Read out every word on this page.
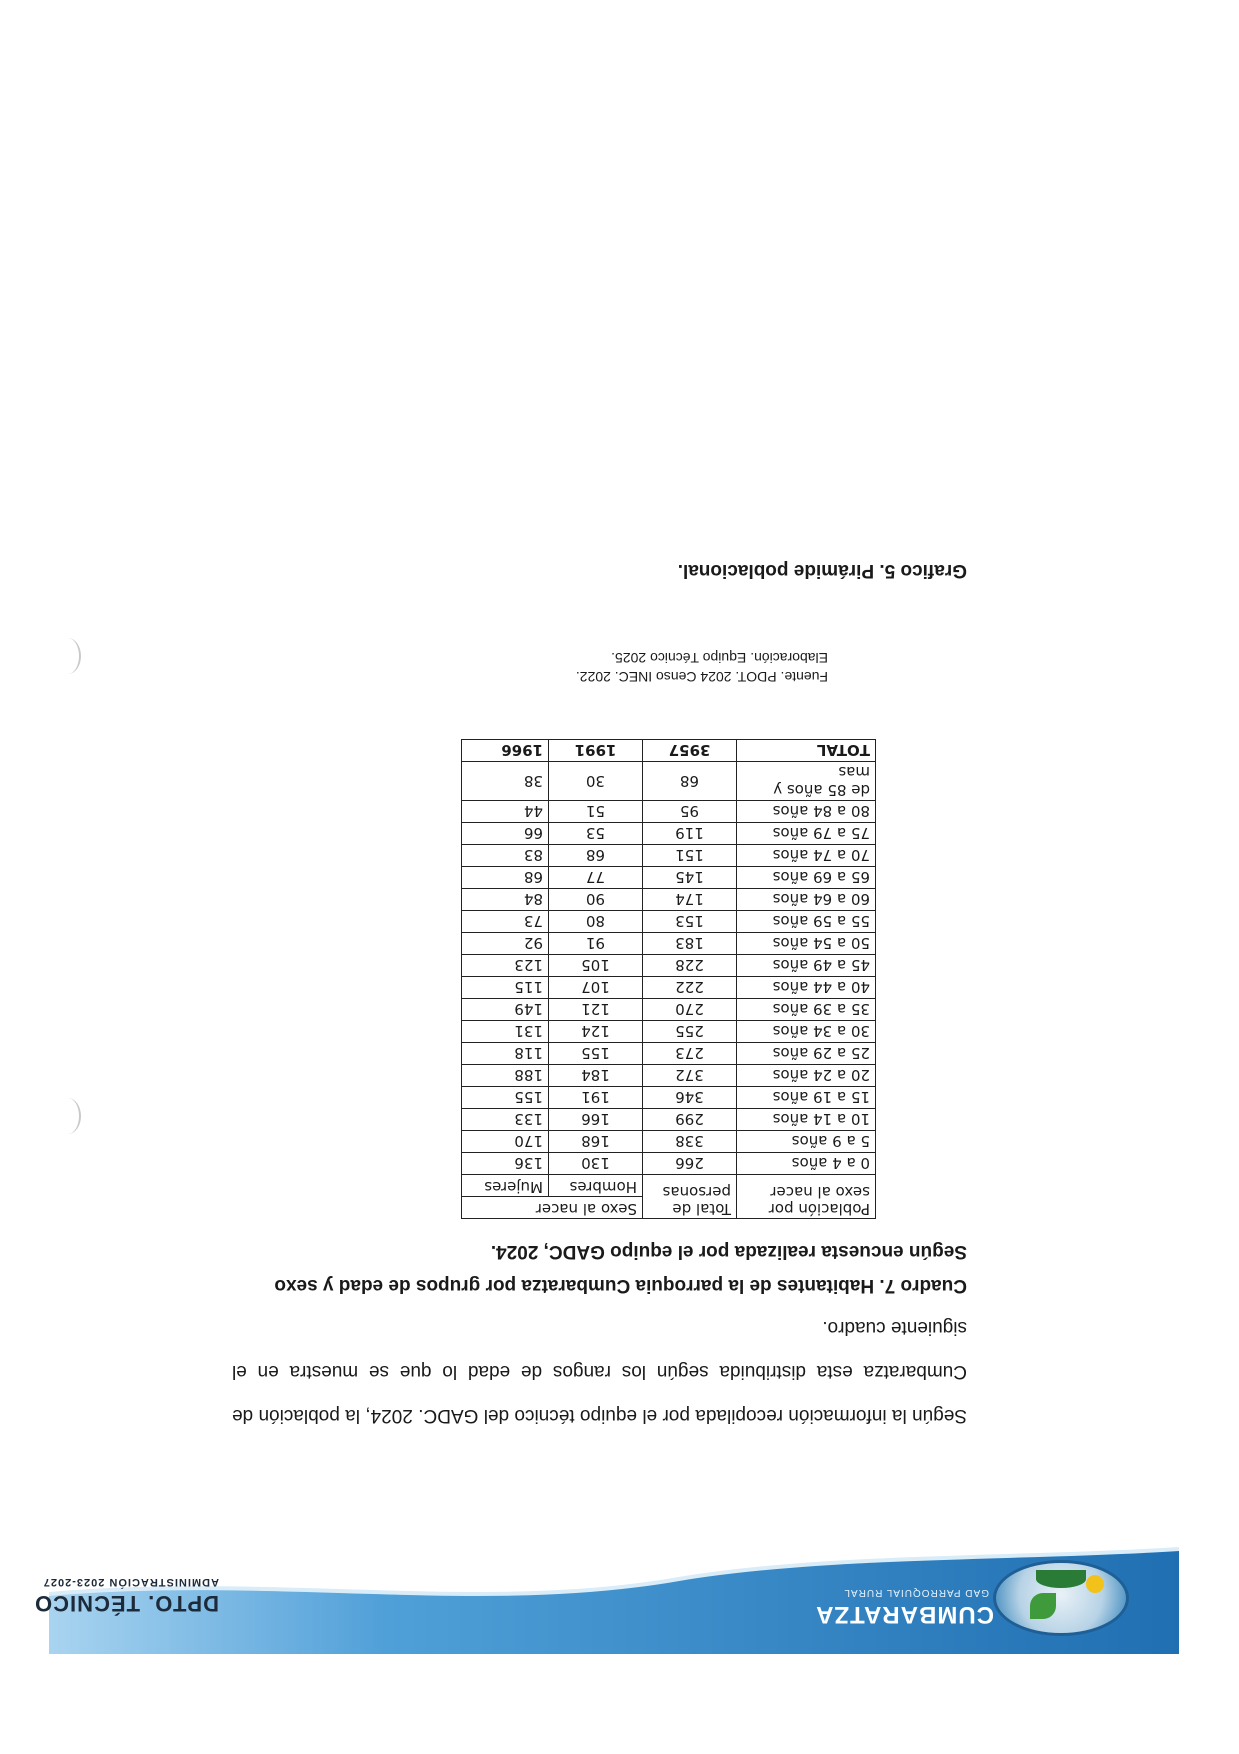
CUMBARATZA
GAD PARROQUIAL RURAL
DPTO. TÉCNICO
ADMINISTRACIÓN 2023-2027

Según la información recopilada por el equipo técnico del GADC. 2024, la población de Cumbaratza esta distribuida según los rangos de edad lo que se muestra en el siguiente cuadro.

Cuadro 7. Habitantes de la parroquia Cumbaratza por grupos de edad y sexo Según encuesta realizada por el equipo GADC, 2024.
Población por sexo al nacer	Total de personas	Sexo al nacer	
		Hombres	Mujeres
0 a 4 años	266	130	136
5 a 9 años	338	168	170
10 a 14 años	299	166	133
15 a 19 años	346	191	155
20 a 24 años	372	184	188
25 a 29 años	273	155	118
30 a 34 años	255	124	131
35 a 39 años	270	121	149
40 a 44 años	222	107	115
45 a 49 años	228	105	123
50 a 54 años	183	91	92
55 a 59 años	153	80	73
60 a 64 años	174	90	84
65 a 69 años	145	77	68
70 a 74 años	151	68	83
75 a 79 años	119	53	66
80 a 84 años	95	51	44
de 85 años y mas	68	30	38
TOTAL	3957	1991	1966
Fuente. PDOT. 2024 Censo INEC. 2022.
Elaboración. Equipo Técnico 2025.
Grafico 5. Pirámide poblacional.
